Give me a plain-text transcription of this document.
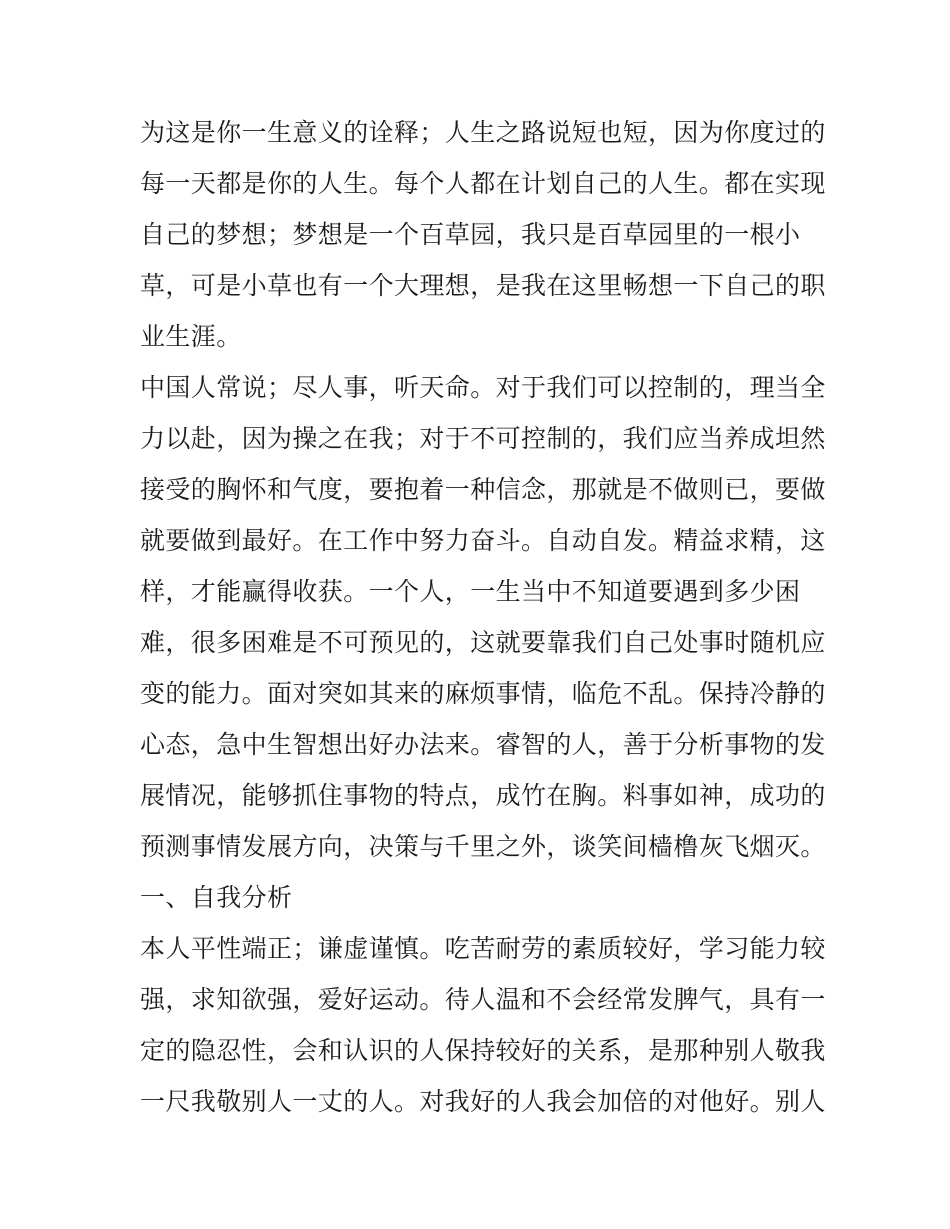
为这是你一生意义的诠释；人生之路说短也短，因为你度过的
每一天都是你的人生。每个人都在计划自己的人生。都在实现
自己的梦想；梦想是一个百草园，我只是百草园里的一根小
草，可是小草也有一个大理想，是我在这里畅想一下自己的职
业生涯。
中国人常说；尽人事，听天命。对于我们可以控制的，理当全
力以赴，因为操之在我；对于不可控制的，我们应当养成坦然
接受的胸怀和气度，要抱着一种信念，那就是不做则已，要做
就要做到最好。在工作中努力奋斗。自动自发。精益求精，这
样，才能赢得收获。一个人，一生当中不知道要遇到多少困
难，很多困难是不可预见的，这就要靠我们自己处事时随机应
变的能力。面对突如其来的麻烦事情，临危不乱。保持冷静的
心态，急中生智想出好办法来。睿智的人，善于分析事物的发
展情况，能够抓住事物的特点，成竹在胸。料事如神，成功的
预测事情发展方向，决策与千里之外，谈笑间樯橹灰飞烟灭。
一、自我分析
本人平性端正；谦虚谨慎。吃苦耐劳的素质较好，学习能力较
强，求知欲强，爱好运动。待人温和不会经常发脾气，具有一
定的隐忍性，会和认识的人保持较好的关系，是那种别人敬我
一尺我敬别人一丈的人。对我好的人我会加倍的对他好。别人
